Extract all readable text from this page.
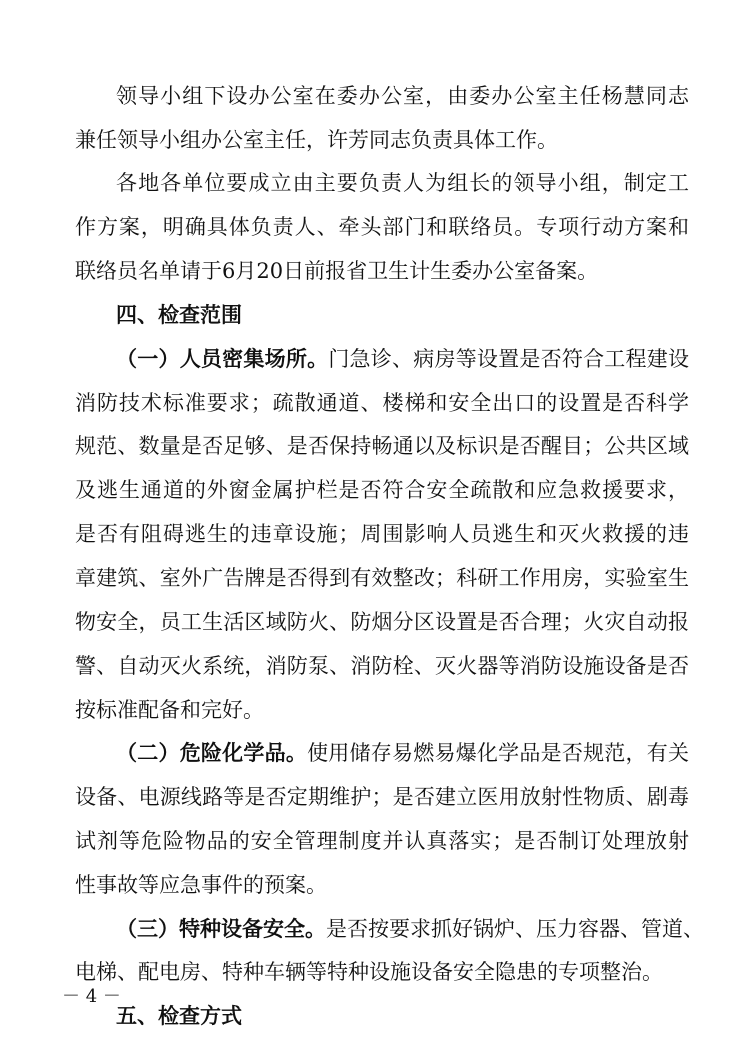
领导小组下设办公室在委办公室，由委办公室主任杨慧同志
兼任领导小组办公室主任，许芳同志负责具体工作。
各地各单位要成立由主要负责人为组长的领导小组，制定工
作方案，明确具体负责人、牵头部门和联络员。专项行动方案和
联络员名单请于6月20日前报省卫生计生委办公室备案。
四、检查范围
（一）人员密集场所。门急诊、病房等设置是否符合工程建设
消防技术标准要求；疏散通道、楼梯和安全出口的设置是否科学
规范、数量是否足够、是否保持畅通以及标识是否醒目；公共区域
及逃生通道的外窗金属护栏是否符合安全疏散和应急救援要求，
是否有阻碍逃生的违章设施；周围影响人员逃生和灭火救援的违
章建筑、室外广告牌是否得到有效整改；科研工作用房，实验室生
物安全，员工生活区域防火、防烟分区设置是否合理；火灾自动报
警、自动灭火系统，消防泵、消防栓、灭火器等消防设施设备是否
按标准配备和完好。
（二）危险化学品。使用储存易燃易爆化学品是否规范，有关
设备、电源线路等是否定期维护；是否建立医用放射性物质、剧毒
试剂等危险物品的安全管理制度并认真落实；是否制订处理放射
性事故等应急事件的预案。
（三）特种设备安全。是否按要求抓好锅炉、压力容器、管道、
电梯、配电房、特种车辆等特种设施设备安全隐患的专项整治。
五、检查方式
－ 4 －
